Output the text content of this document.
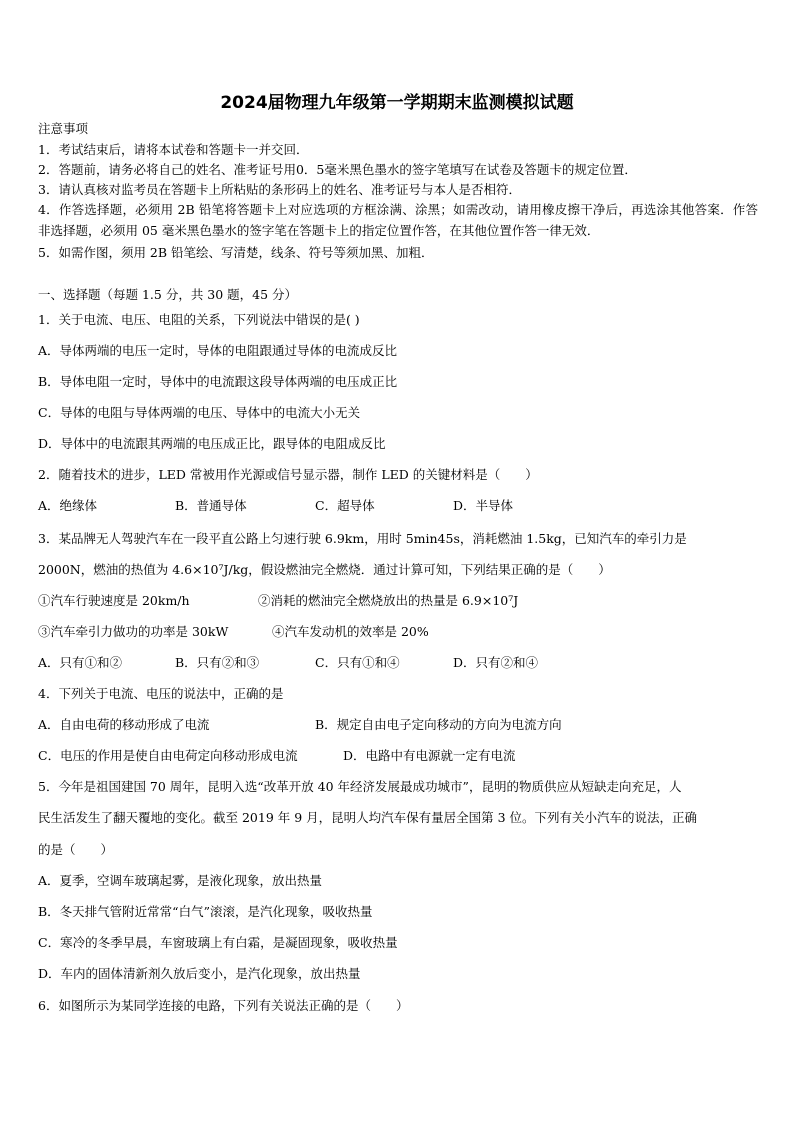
2024届物理九年级第一学期期末监测模拟试题
注意事项
1．考试结束后，请将本试卷和答题卡一并交回．
2．答题前，请务必将自己的姓名、准考证号用0．5毫米黑色墨水的签字笔填写在试卷及答题卡的规定位置．
3．请认真核对监考员在答题卡上所粘贴的条形码上的姓名、准考证号与本人是否相符．
4．作答选择题，必须用 2B 铅笔将答题卡上对应选项的方框涂满、涂黑；如需改动，请用橡皮擦干净后，再选涂其他答案．作答非选择题，必须用 05 毫米黑色墨水的签字笔在答题卡上的指定位置作答，在其他位置作答一律无效．
5．如需作图，须用 2B 铅笔绘、写清楚，线条、符号等须加黑、加粗．
一、选择题（每题 1.5 分，共 30 题，45 分）
1．关于电流、电压、电阻的关系，下列说法中错误的是( )
A．导体两端的电压一定时，导体的电阻跟通过导体的电流成反比
B．导体电阻一定时，导体中的电流跟这段导体两端的电压成正比
C．导体的电阻与导体两端的电压、导体中的电流大小无关
D．导体中的电流跟其两端的电压成正比，跟导体的电阻成反比
2．随着技术的进步，LED 常被用作光源或信号显示器，制作 LED 的关键材料是（　　）
A．绝缘体	B．普通导体	C．超导体	D．半导体
3．某品牌无人驾驶汽车在一段平直公路上匀速行驶 6.9km，用时 5min45s，消耗燃油 1.5kg，已知汽车的牵引力是
2000N，燃油的热值为 4.6×10⁷J/kg，假设燃油完全燃烧．通过计算可知，下列结果正确的是（　　）
①汽车行驶速度是 20km/h	②消耗的燃油完全燃烧放出的热量是 6.9×10⁷J
③汽车牵引力做功的功率是 30kW	④汽车发动机的效率是 20%
A．只有①和②	B．只有②和③	C．只有①和④	D．只有②和④
4．下列关于电流、电压的说法中，正确的是
A．自由电荷的移动形成了电流	B．规定自由电子定向移动的方向为电流方向
C．电压的作用是使自由电荷定向移动形成电流	D．电路中有电源就一定有电流
5．今年是祖国建国 70 周年，昆明入选“改革开放 40 年经济发展最成功城市”，昆明的物质供应从短缺走向充足，人
民生活发生了翻天覆地的变化。截至 2019 年 9 月，昆明人均汽车保有量居全国第 3 位。下列有关小汽车的说法，正确
的是（　　）
A．夏季，空调车玻璃起雾，是液化现象，放出热量
B．冬天排气管附近常常“白气”滚滚，是汽化现象，吸收热量
C．寒冷的冬季早晨，车窗玻璃上有白霜，是凝固现象，吸收热量
D．车内的固体清新剂久放后变小，是汽化现象，放出热量
6．如图所示为某同学连接的电路，下列有关说法正确的是（　　）
